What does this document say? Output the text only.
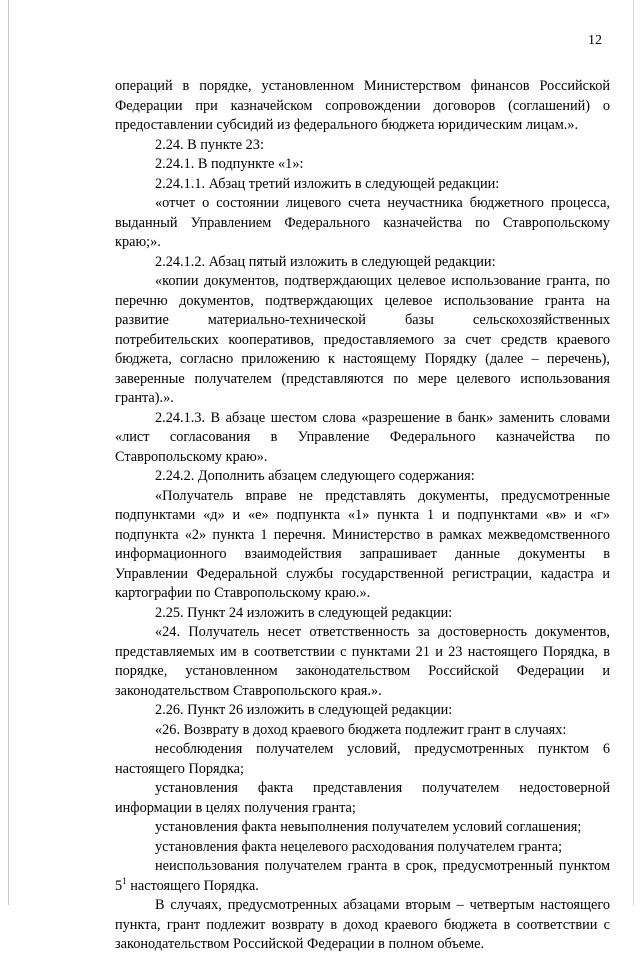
12

операций в порядке, установленном Министерством финансов Российской Федерации при казначейском сопровождении договоров (соглашений) о предоставлении субсидий из федерального бюджета юридическим лицам.».

2.24. В пункте 23:

2.24.1. В подпункте «1»:

2.24.1.1. Абзац третий изложить в следующей редакции:

«отчет о состоянии лицевого счета неучастника бюджетного процесса, выданный Управлением Федерального казначейства по Ставропольскому краю;».

2.24.1.2. Абзац пятый изложить в следующей редакции:

«копии документов, подтверждающих целевое использование гранта, по перечню документов, подтверждающих целевое использование гранта на развитие материально-технической базы сельскохозяйственных потребительских кооперативов, предоставляемого за счет средств краевого бюджета, согласно приложению к настоящему Порядку (далее – перечень), заверенные получателем (представляются по мере целевого использования гранта).».

2.24.1.3. В абзаце шестом слова «разрешение в банк» заменить словами «лист согласования в Управление Федерального казначейства по Ставропольскому краю».

2.24.2. Дополнить абзацем следующего содержания:

«Получатель вправе не представлять документы, предусмотренные подпунктами «д» и «е» подпункта «1» пункта 1 и подпунктами «в» и «г» подпункта «2» пункта 1 перечня. Министерство в рамках межведомственного информационного взаимодействия запрашивает данные документы в Управлении Федеральной службы государственной регистрации, кадастра и картографии по Ставропольскому краю.».

2.25. Пункт 24 изложить в следующей редакции:

«24. Получатель несет ответственность за достоверность документов, представляемых им в соответствии с пунктами 21 и 23 настоящего Порядка, в порядке, установленном законодательством Российской Федерации и законодательством Ставропольского края.».

2.26. Пункт 26 изложить в следующей редакции:

«26. Возврату в доход краевого бюджета подлежит грант в случаях:

несоблюдения получателем условий, предусмотренных пунктом 6 настоящего Порядка;

установления факта представления получателем недостоверной информации в целях получения гранта;

установления факта невыполнения получателем условий соглашения;

установления факта нецелевого расходования получателем гранта;

неиспользования получателем гранта в срок, предусмотренный пунктом $5^1$ настоящего Порядка.

В случаях, предусмотренных абзацами вторым – четвертым настоящего пункта, грант подлежит возврату в доход краевого бюджета в соответствии с законодательством Российской Федерации в полном объеме.
